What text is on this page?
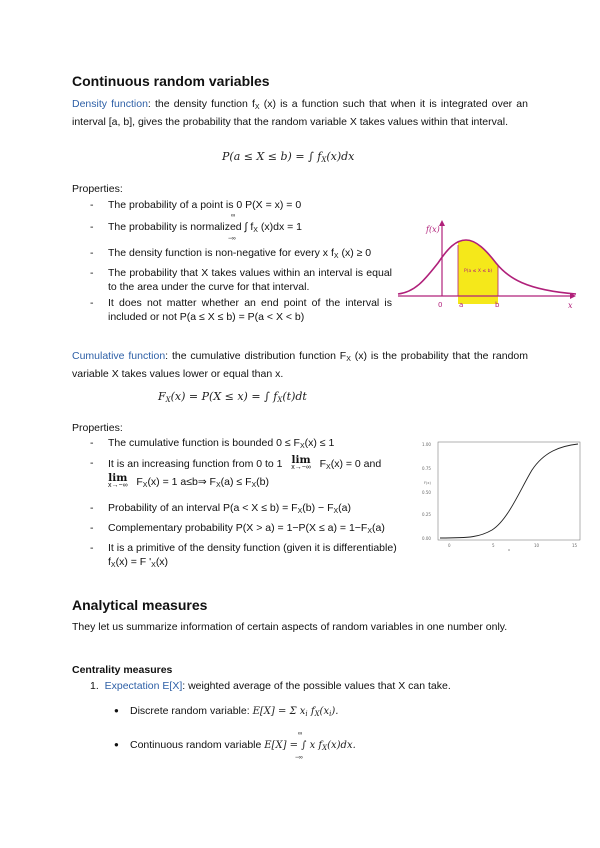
Continuous random variables
Density function: the density function $f_X$ (x) is a function such that when it is integrated over an interval [a, b], gives the probability that the random variable X takes values within that interval.
P(a ≤ X ≤ b) = ∫ $f_X(x)dx$
Properties:
- The probability of a point is 0 P(X = x) = 0
- The probability is normalized ∫ $f_X$ (x)dx = 1
- The density function is non-negative for every x $f_X$ (x) ≥ 0
- The probability that X takes values within an interval is equal to the area under the curve for that interval.
- It does not matter whether an end point of the interval is included or not P(a ≤ X ≤ b) = P(a < X < b)
∞
−∞
f(x)
x
0 a	b
P(a ≤ X ≤ b)
Cumulative function: the cumulative distribution function $F_X$ (x) is the probability that the random variable X takes values lower or equal than x.
$F_X(x) = P(X \le x)$ = ∫ $f_X(t)dt$
Properties:
- The cumulative function is bounded $0 \le F_X(x) \le 1$
- It is an increasing function from 0 to 1 lim
x→−∞ $F_X(x) = 0$ and
lim
x→−∞ $F_X(x) = 1$ a≤b⇒ $F_X(a) \le F_X(b)$
- Probability of an interval $P(a < X \le b) = F_X(b) - F_X(a)$
- Complementary probability $P(X > a) = 1-P(X \le a) = 1-F_X(a)$
- It is a primitive of the density function (given it is differentiable)
$f_X(x) = F$ '$_X(x)$
1.00
0.75
0.50
0.25
0.00
0	5	10	15
F(x)
x
Analytical measures
They let us summarize information of certain aspects of random variables in one number only.
Centrality measures
1. Expectation E[X]: weighted average of the possible values that X can take.
● Discrete random variable: E[X] = Σ $x_i$ $f_X(x_i)$.
∞
● Continuous random variable E[X] = ∫ x $f_X(x)dx$.
−∞
